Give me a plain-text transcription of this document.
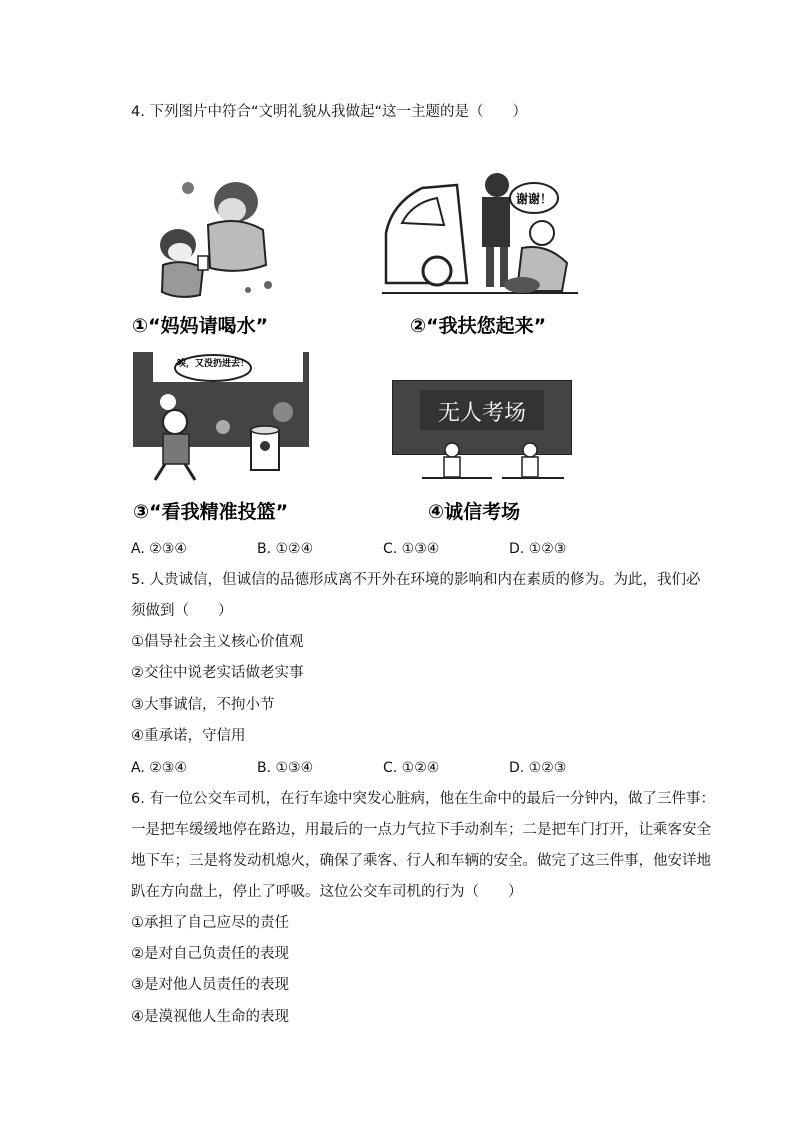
4. 下列图片中符合“文明礼貌从我做起“这一主题的是（　　）
①“妈妈请喝水”
谢谢！
②“我扶您起来”
唉，又没扔进去！
③“看我精准投篮”
无人考场
④诚信考场
A. ②③④	B. ①②④	C. ①③④	D. ①②③
5. 人贵诚信，但诚信的品德形成离不开外在环境的影响和内在素质的修为。为此，我们必
须做到（　　）
①倡导社会主义核心价值观
②交往中说老实话做老实事
③大事诚信，不拘小节
④重承诺，守信用
A. ②③④	B. ①③④	C. ①②④	D. ①②③
6. 有一位公交车司机，在行车途中突发心脏病，他在生命中的最后一分钟内，做了三件事：
一是把车缓缓地停在路边，用最后的一点力气拉下手动刹车；二是把车门打开，让乘客安全
地下车；三是将发动机熄火，确保了乘客、行人和车辆的安全。做完了这三件事，他安详地
趴在方向盘上，停止了呼吸。这位公交车司机的行为（　　）
①承担了自己应尽的责任
②是对自己负责任的表现
③是对他人员责任的表现
④是漠视他人生命的表现
